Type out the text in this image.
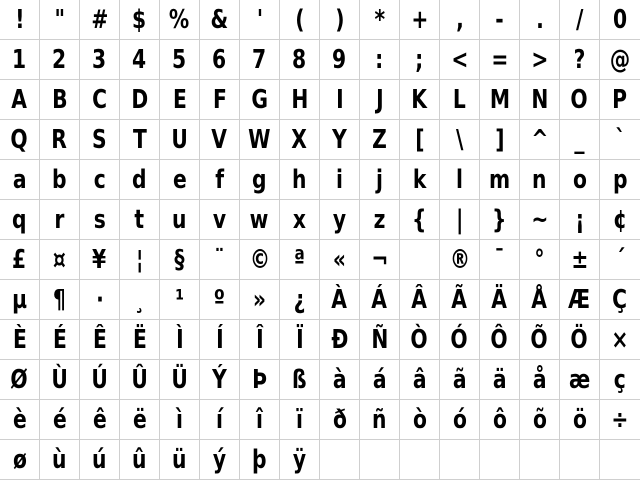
! " # $ % & ' ( ) * + , - . / 0
1 2 3 4 5 6 7 8 9 : ; < = > ? @
A B C D E F G H I J K L M N O P
Q R S T U V W X Y Z [ \ ] ^ _ `
a b c d e f g h i j k l m n o p
q r s t u v w x y z { | } ~ ¡ ¢
£ ¤ ¥ ¦ § ¨ © ª « ¬ ® ¯ ° ± ´
µ ¶ · ¸ ¹ º » ¿ À Á Â Ã Ä Å Æ Ç
È É Ê Ë Ì Í Î Ï Ð Ñ Ò Ó Ô Õ Ö ×
Ø Ù Ú Û Ü Ý Þ ß à á â ã ä å æ ç
è é ê ë ì í î ï ð ñ ò ó ô õ ö ÷
ø ù ú û ü ý þ ÿ
